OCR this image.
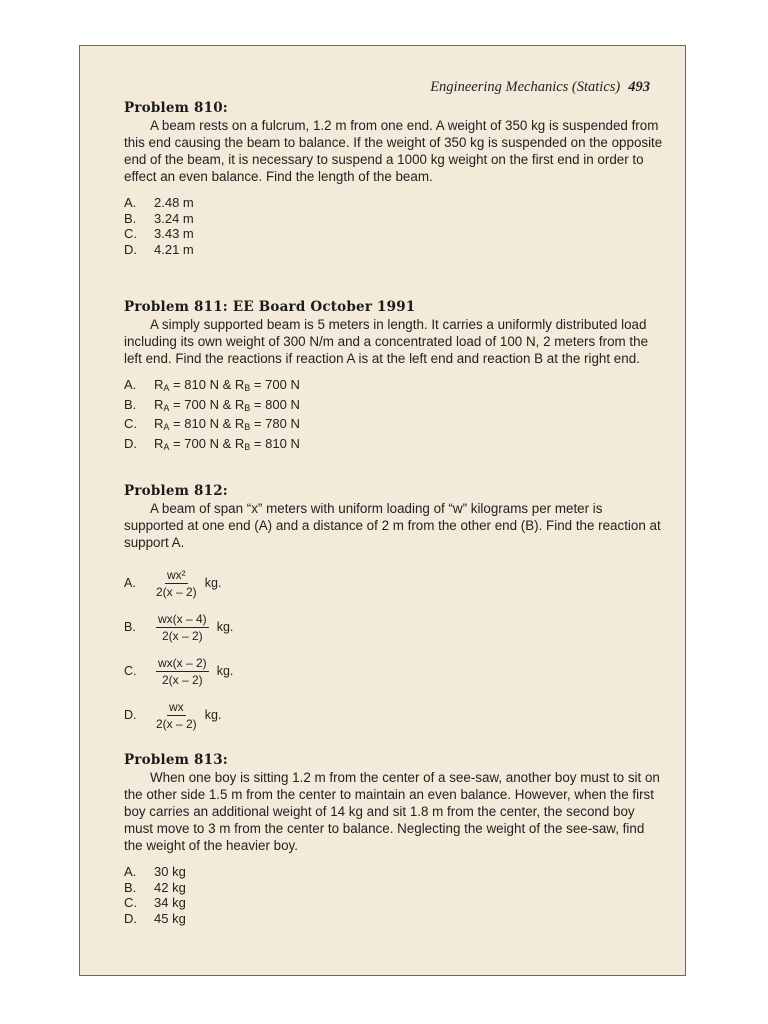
Engineering Mechanics (Statics) 493
Problem 810:

A beam rests on a fulcrum, 1.2 m from one end. A weight of 350 kg is suspended from this end causing the beam to balance. If the weight of 350 kg is suspended on the opposite end of the beam, it is necessary to suspend a 1000 kg weight on the first end in order to effect an even balance. Find the length of the beam.

A.	2.48 m
B.	3.24 m
C.	3.43 m
D.	4.21 m
Problem 811: EE Board October 1991

A simply supported beam is 5 meters in length. It carries a uniformly distributed load including its own weight of 300 N/m and a concentrated load of 100 N, 2 meters from the left end. Find the reactions if reaction A is at the left end and reaction B at the right end.

A.	$R_A = 810$ N & $R_B = 700$ N
B.	$R_A = 700$ N & $R_B = 800$ N
C.	$R_A = 810$ N & $R_B = 780$ N
D.	$R_A = 700$ N & $R_B = 810$ N
Problem 812:

A beam of span “x” meters with uniform loading of “w” kilograms per meter is supported at one end (A) and a distance of 2 m from the other end (B). Find the reaction at support A.

A.	$\frac{\text{wx²}}{2(x - 2)}$ kg.
B.	$\frac{wx(x - 4)}{2(x - 2)}$ kg.
C.	$\frac{wx(x - 2)}{2(x - 2)}$ kg.
D.	$\frac{wx}{2(x - 2)}$ kg.
Problem 813:

When one boy is sitting 1.2 m from the center of a see-saw, another boy must to sit on the other side 1.5 m from the center to maintain an even balance. However, when the first boy carries an additional weight of 14 kg and sit 1.8 m from the center, the second boy must move to 3 m from the center to balance. Neglecting the weight of the see-saw, find the weight of the heavier boy.

A.	30 kg
B.	42 kg
C.	34 kg
D.	45 kg
